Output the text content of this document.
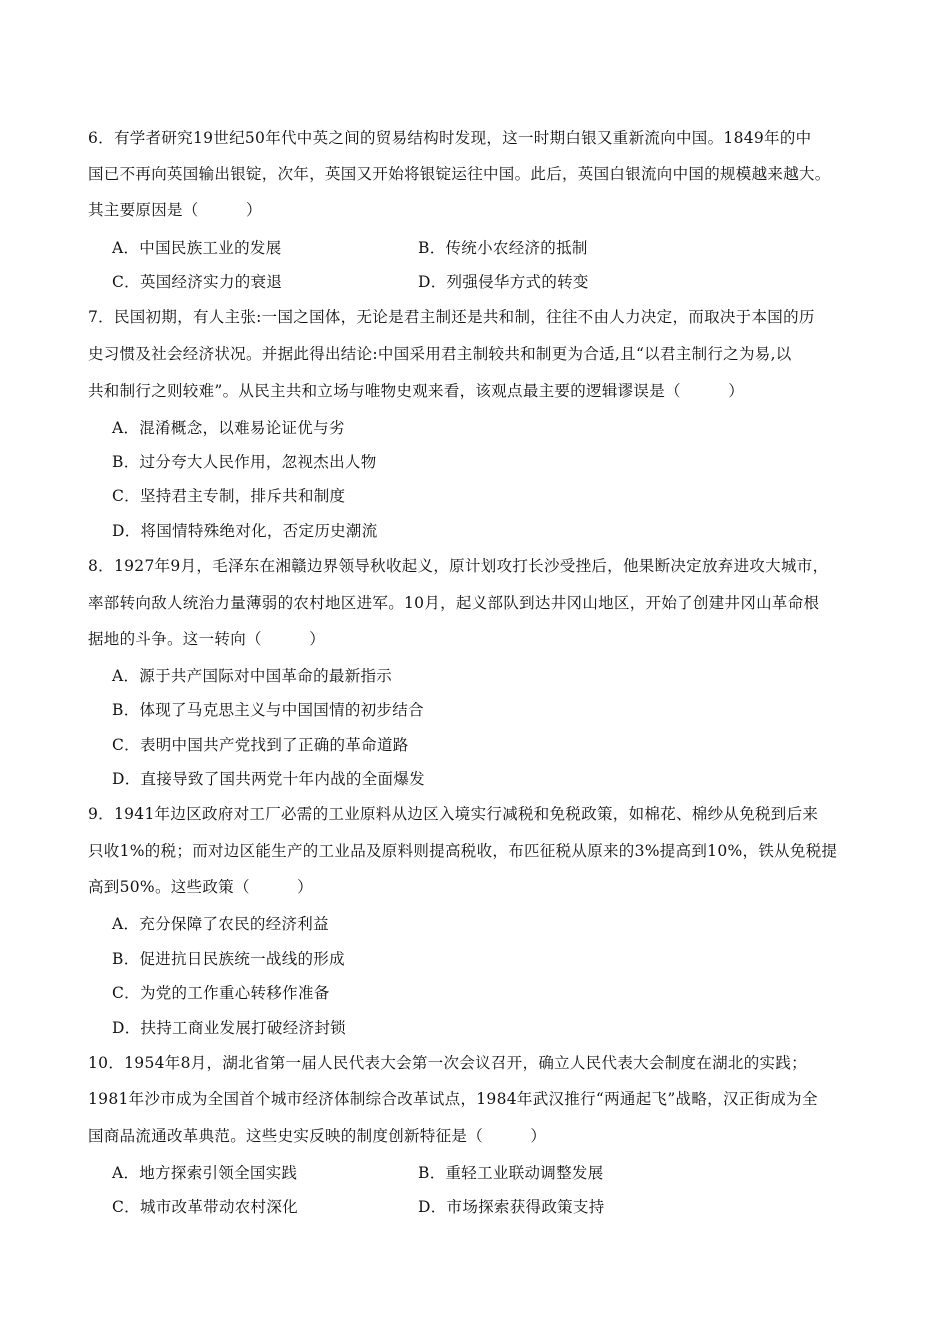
6．有学者研究19世纪50年代中英之间的贸易结构时发现，这一时期白银又重新流向中国。1849年的中
国已不再向英国输出银锭，次年，英国又开始将银锭运往中国。此后，英国白银流向中国的规模越来越大。
其主要原因是（　　　）
A．中国民族工业的发展	B．传统小农经济的抵制
C．英国经济实力的衰退	D．列强侵华方式的转变
7．民国初期，有人主张:一国之国体，无论是君主制还是共和制，往往不由人力决定，而取决于本国的历
史习惯及社会经济状况。并据此得出结论:中国采用君主制较共和制更为合适,且“以君主制行之为易,以
共和制行之则较难”。从民主共和立场与唯物史观来看，该观点最主要的逻辑谬误是（　　　）
A．混淆概念，以难易论证优与劣
B．过分夸大人民作用，忽视杰出人物
C．坚持君主专制，排斥共和制度
D．将国情特殊绝对化，否定历史潮流
8．1927年9月，毛泽东在湘赣边界领导秋收起义，原计划攻打长沙受挫后，他果断决定放弃进攻大城市，
率部转向敌人统治力量薄弱的农村地区进军。10月，起义部队到达井冈山地区，开始了创建井冈山革命根
据地的斗争。这一转向（　　　）
A．源于共产国际对中国革命的最新指示
B．体现了马克思主义与中国国情的初步结合
C．表明中国共产党找到了正确的革命道路
D．直接导致了国共两党十年内战的全面爆发
9．1941年边区政府对工厂必需的工业原料从边区入境实行减税和免税政策，如棉花、棉纱从免税到后来
只收1%的税；而对边区能生产的工业品及原料则提高税收，布匹征税从原来的3%提高到10%，铁从免税提
高到50%。这些政策（　　　）
A．充分保障了农民的经济利益
B．促进抗日民族统一战线的形成
C．为党的工作重心转移作准备
D．扶持工商业发展打破经济封锁
10．1954年8月，湖北省第一届人民代表大会第一次会议召开，确立人民代表大会制度在湖北的实践；
1981年沙市成为全国首个城市经济体制综合改革试点，1984年武汉推行“两通起飞”战略，汉正街成为全
国商品流通改革典范。这些史实反映的制度创新特征是（　　　）
A．地方探索引领全国实践	B．重轻工业联动调整发展
C．城市改革带动农村深化	D．市场探索获得政策支持
